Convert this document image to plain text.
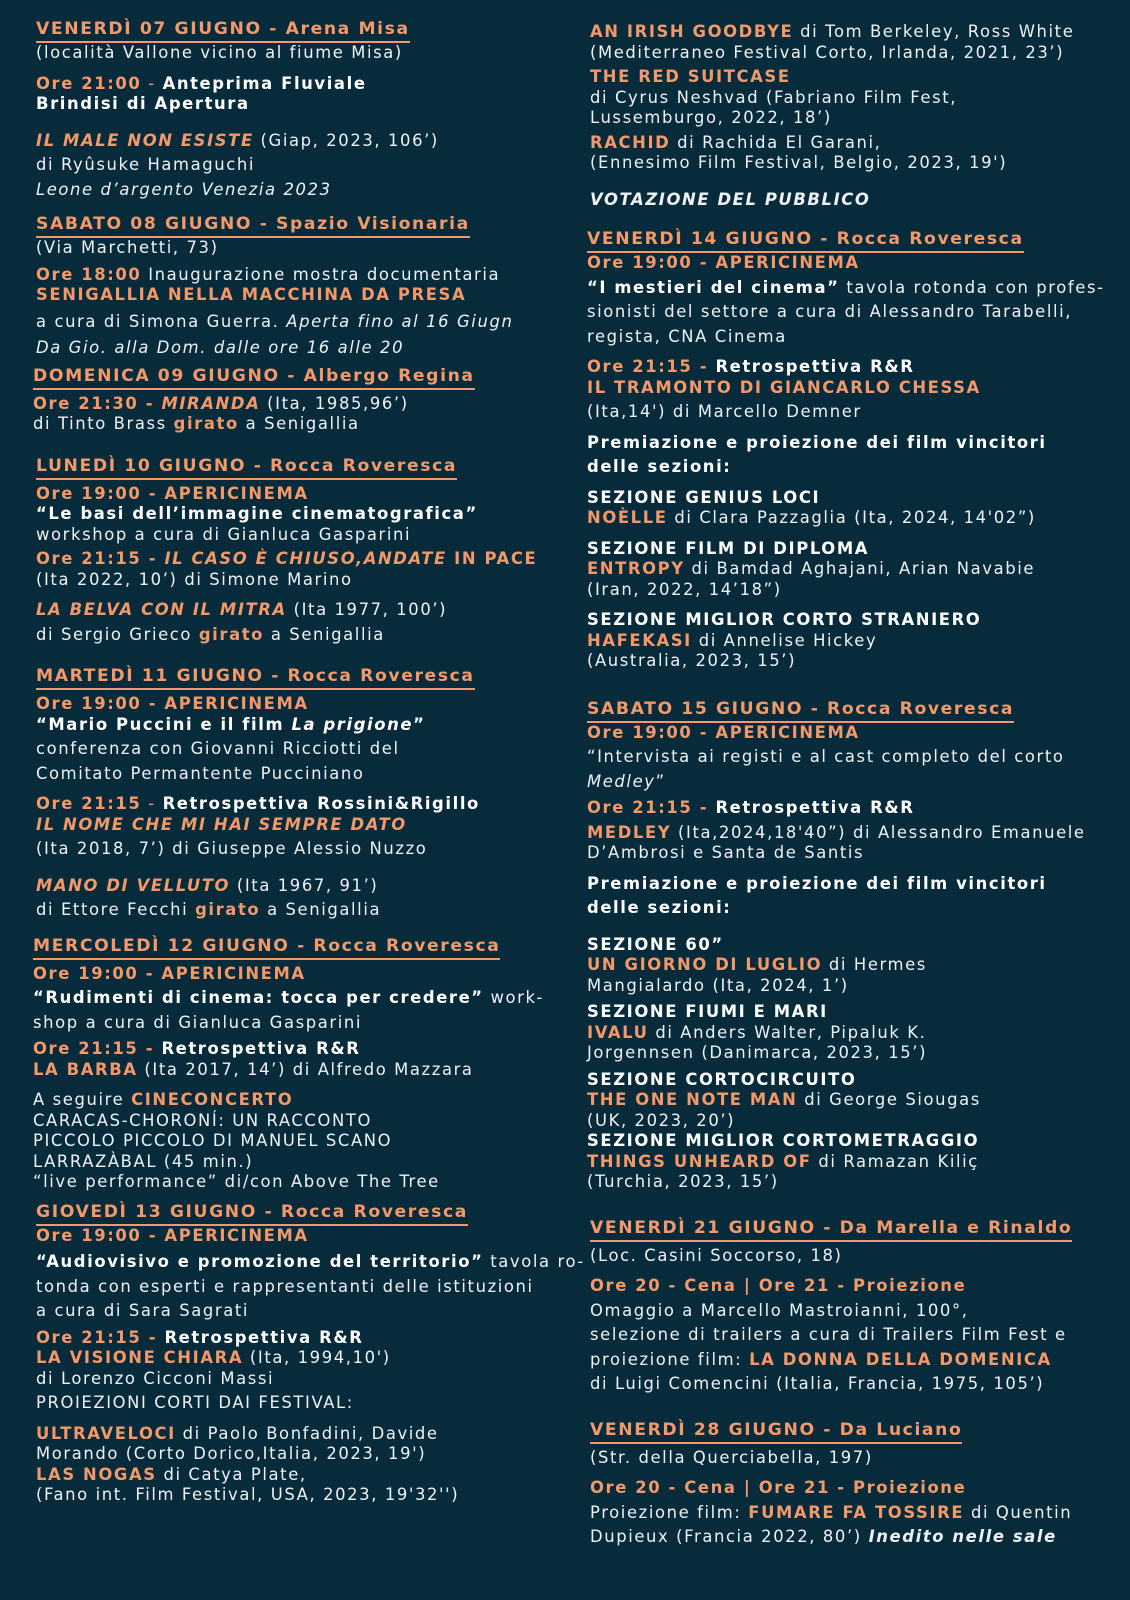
VENERDÌ 07 GIUGNO - Arena Misa
(località Vallone vicino al fiume Misa)
Ore 21:00 - Anteprima Fluviale
Brindisi di Apertura
IL MALE NON ESISTE (Giap, 2023, 106’)
di Ryûsuke Hamaguchi
Leone d’argento Venezia 2023
SABATO 08 GIUGNO - Spazio Visionaria
(Via Marchetti, 73)
Ore 18:00 Inaugurazione mostra documentaria
SENIGALLIA NELLA MACCHINA DA PRESA
a cura di Simona Guerra. Aperta fino al 16 Giugn
Da Gio. alla Dom. dalle ore 16 alle 20
DOMENICA 09 GIUGNO - Albergo Regina
Ore 21:30 - MIRANDA (Ita, 1985,96’)
di Tinto Brass girato a Senigallia
LUNEDÌ 10 GIUGNO - Rocca Roveresca
Ore 19:00 - APERICINEMA
“Le basi dell’immagine cinematografica”
workshop a cura di Gianluca Gasparini
Ore 21:15 - IL CASO È CHIUSO,ANDATE IN PACE
(Ita 2022, 10’) di Simone Marino
LA BELVA CON IL MITRA (Ita 1977, 100’)
di Sergio Grieco girato a Senigallia
MARTEDÌ 11 GIUGNO - Rocca Roveresca
Ore 19:00 - APERICINEMA
“Mario Puccini e il film La prigione”
conferenza con Giovanni Ricciotti del
Comitato Permantente Pucciniano
Ore 21:15 - Retrospettiva Rossini&Rigillo
IL NOME CHE MI HAI SEMPRE DATO
(Ita 2018, 7’) di Giuseppe Alessio Nuzzo
MANO DI VELLUTO (Ita 1967, 91’)
di Ettore Fecchi girato a Senigallia
MERCOLEDÌ 12 GIUGNO - Rocca Roveresca
Ore 19:00 - APERICINEMA
“Rudimenti di cinema: tocca per credere” work-
shop a cura di Gianluca Gasparini
Ore 21:15 - Retrospettiva R&R
LA BARBA (Ita 2017, 14’) di Alfredo Mazzara
A seguire CINECONCERTO
CARACAS-CHORONÍ: UN RACCONTO
PICCOLO PICCOLO DI MANUEL SCANO
LARRAZÀBAL (45 min.)
“live performance” di/con Above The Tree
GIOVEDÌ 13 GIUGNO - Rocca Roveresca
Ore 19:00 - APERICINEMA
“Audiovisivo e promozione del territorio” tavola ro-
tonda con esperti e rappresentanti delle istituzioni
a cura di Sara Sagrati
Ore 21:15 - Retrospettiva R&R
LA VISIONE CHIARA (Ita, 1994,10')
di Lorenzo Cicconi Massi
PROIEZIONI CORTI DAI FESTIVAL:
ULTRAVELOCI di Paolo Bonfadini, Davide
Morando (Corto Dorico,Italia, 2023, 19')
LAS NOGAS di Catya Plate,
(Fano int. Film Festival, USA, 2023, 19'32'')
AN IRISH GOODBYE di Tom Berkeley, Ross White
(Mediterraneo Festival Corto, Irlanda, 2021, 23’)
THE RED SUITCASE
di Cyrus Neshvad (Fabriano Film Fest,
Lussemburgo, 2022, 18’)
RACHID di Rachida El Garani,
(Ennesimo Film Festival, Belgio, 2023, 19')
VOTAZIONE DEL PUBBLICO
VENERDÌ 14 GIUGNO - Rocca Roveresca
Ore 19:00 - APERICINEMA
“I mestieri del cinema” tavola rotonda con profes-
sionisti del settore a cura di Alessandro Tarabelli,
regista, CNA Cinema
Ore 21:15 - Retrospettiva R&R
IL TRAMONTO DI GIANCARLO CHESSA
(Ita,14') di Marcello Demner
Premiazione e proiezione dei film vincitori
delle sezioni:
SEZIONE GENIUS LOCI
NOÈLLE di Clara Pazzaglia (Ita, 2024, 14'02”)
SEZIONE FILM DI DIPLOMA
ENTROPY di Bamdad Aghajani, Arian Navabie
(Iran, 2022, 14’18”)
SEZIONE MIGLIOR CORTO STRANIERO
HAFEKASI di Annelise Hickey
(Australia, 2023, 15’)
SABATO 15 GIUGNO - Rocca Roveresca
Ore 19:00 - APERICINEMA
“Intervista ai registi e al cast completo del corto
Medley”
Ore 21:15 - Retrospettiva R&R
MEDLEY (Ita,2024,18'40”) di Alessandro Emanuele
D’Ambrosi e Santa de Santis
Premiazione e proiezione dei film vincitori
delle sezioni:
SEZIONE 60”
UN GIORNO DI LUGLIO di Hermes
Mangialardo (Ita, 2024, 1’)
SEZIONE FIUMI E MARI
IVALU di Anders Walter, Pipaluk K.
Jorgennsen (Danimarca, 2023, 15’)
SEZIONE CORTOCIRCUITO
THE ONE NOTE MAN di George Siougas
(UK, 2023, 20’)
SEZIONE MIGLIOR CORTOMETRAGGIO
THINGS UNHEARD OF di Ramazan Kiliç
(Turchia, 2023, 15’)
VENERDÌ 21 GIUGNO - Da Marella e Rinaldo
(Loc. Casini Soccorso, 18)
Ore 20 - Cena | Ore 21 - Proiezione
Omaggio a Marcello Mastroianni, 100°,
selezione di trailers a cura di Trailers Film Fest e
proiezione film: LA DONNA DELLA DOMENICA
di Luigi Comencini (Italia, Francia, 1975, 105’)
VENERDÌ 28 GIUGNO - Da Luciano
(Str. della Querciabella, 197)
Ore 20 - Cena | Ore 21 - Proiezione
Proiezione film: FUMARE FA TOSSIRE di Quentin
Dupieux (Francia 2022, 80’) Inedito nelle sale
